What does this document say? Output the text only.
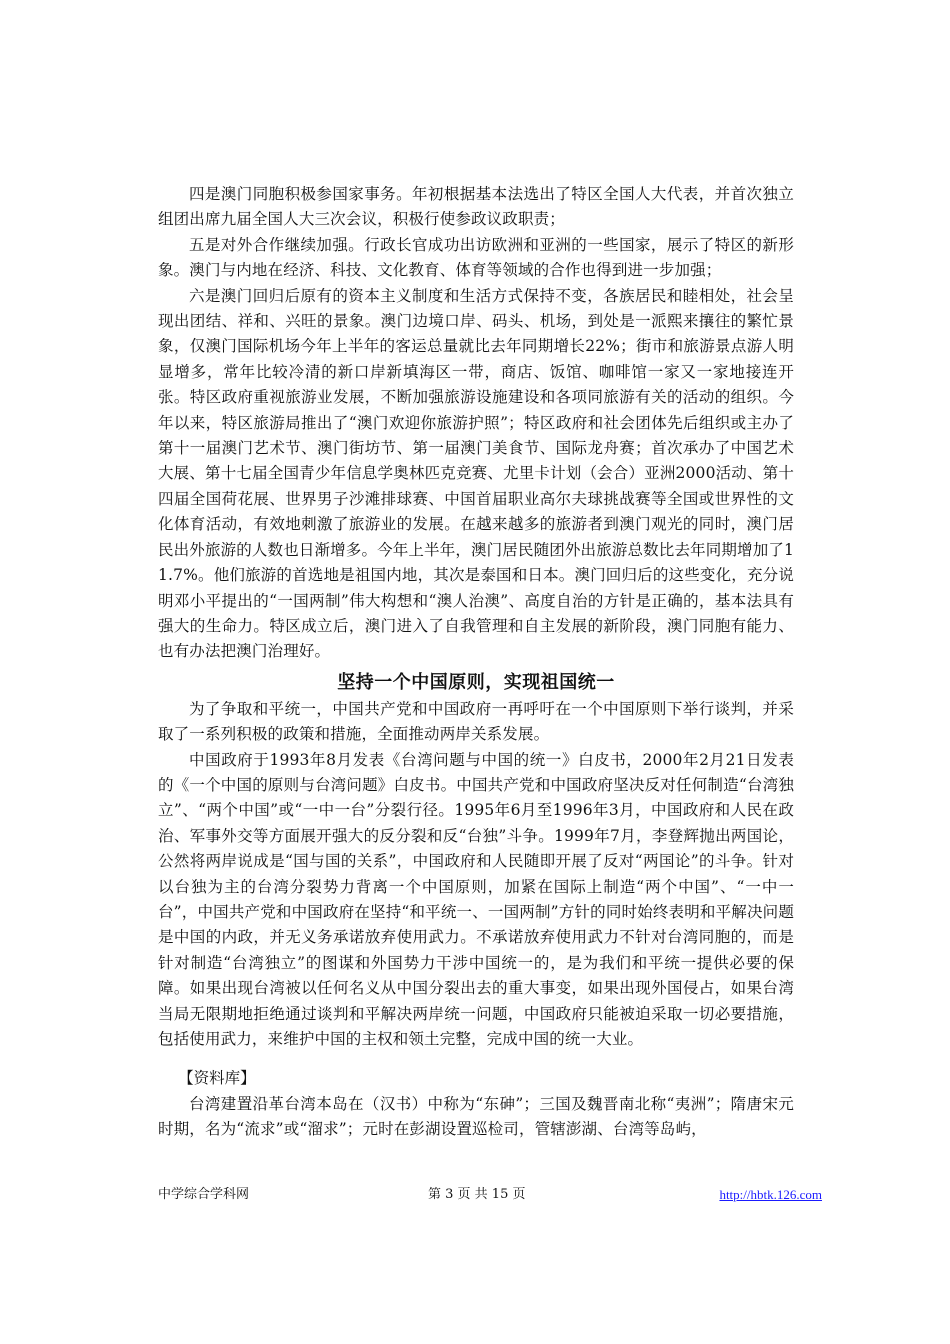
四是澳门同胞积极参国家事务。年初根据基本法选出了特区全国人大代表，并首次独立组团出席九届全国人大三次会议，积极行使参政议政职责；

五是对外合作继续加强。行政长官成功出访欧洲和亚洲的一些国家，展示了特区的新形象。澳门与内地在经济、科技、文化教育、体育等领域的合作也得到进一步加强；

六是澳门回归后原有的资本主义制度和生活方式保持不变，各族居民和睦相处，社会呈现出团结、祥和、兴旺的景象。澳门边境口岸、码头、机场，到处是一派熙来攘往的繁忙景象，仅澳门国际机场今年上半年的客运总量就比去年同期增长22%；街市和旅游景点游人明显增多，常年比较冷清的新口岸新填海区一带，商店、饭馆、咖啡馆一家又一家地接连开张。特区政府重视旅游业发展，不断加强旅游设施建设和各项同旅游有关的活动的组织。今年以来，特区旅游局推出了“澳门欢迎你旅游护照”；特区政府和社会团体先后组织或主办了第十一届澳门艺术节、澳门街坊节、第一届澳门美食节、国际龙舟赛；首次承办了中国艺术大展、第十七届全国青少年信息学奥林匹克竞赛、尤里卡计划（会合）亚洲2000活动、第十四届全国荷花展、世界男子沙滩排球赛、中国首届职业高尔夫球挑战赛等全国或世界性的文化体育活动，有效地刺激了旅游业的发展。在越来越多的旅游者到澳门观光的同时，澳门居民出外旅游的人数也日渐增多。今年上半年，澳门居民随团外出旅游总数比去年同期增加了11.7%。他们旅游的首选地是祖国内地，其次是泰国和日本。澳门回归后的这些变化，充分说明邓小平提出的“一国两制”伟大构想和“澳人治澳”、高度自治的方针是正确的，基本法具有强大的生命力。特区成立后，澳门进入了自我管理和自主发展的新阶段，澳门同胞有能力、也有办法把澳门治理好。

坚持一个中国原则，实现祖国统一

为了争取和平统一，中国共产党和中国政府一再呼吁在一个中国原则下举行谈判，并采取了一系列积极的政策和措施，全面推动两岸关系发展。

中国政府于1993年8月发表《台湾问题与中国的统一》白皮书，2000年2月21日发表的《一个中国的原则与台湾问题》白皮书。中国共产党和中国政府坚决反对任何制造“台湾独立”、“两个中国”或“一中一台”分裂行径。1995年6月至1996年3月，中国政府和人民在政治、军事外交等方面展开强大的反分裂和反“台独”斗争。1999年7月，李登辉抛出两国论，公然将两岸说成是“国与国的关系”，中国政府和人民随即开展了反对“两国论”的斗争。针对以台独为主的台湾分裂势力背离一个中国原则，加紧在国际上制造“两个中国”、“一中一台”，中国共产党和中国政府在坚持“和平统一、一国两制”方针的同时始终表明和平解决问题是中国的内政，并无义务承诺放弃使用武力。不承诺放弃使用武力不针对台湾同胞的，而是针对制造“台湾独立”的图谋和外国势力干涉中国统一的，是为我们和平统一提供必要的保障。如果出现台湾被以任何名义从中国分裂出去的重大事变，如果出现外国侵占，如果台湾当局无限期地拒绝通过谈判和平解决两岸统一问题，中国政府只能被迫采取一切必要措施，包括使用武力，来维护中国的主权和领土完整，完成中国的统一大业。

【资料库】

台湾建置沿革台湾本岛在（汉书）中称为“东砷”；三国及魏晋南北称“夷洲”；隋唐宋元时期，名为“流求”或“溜求”；元时在彭湖设置巡检司，管辖澎湖、台湾等岛屿，

中学综合学科网	第 3 页 共 15 页	http://hbtk.126.com
